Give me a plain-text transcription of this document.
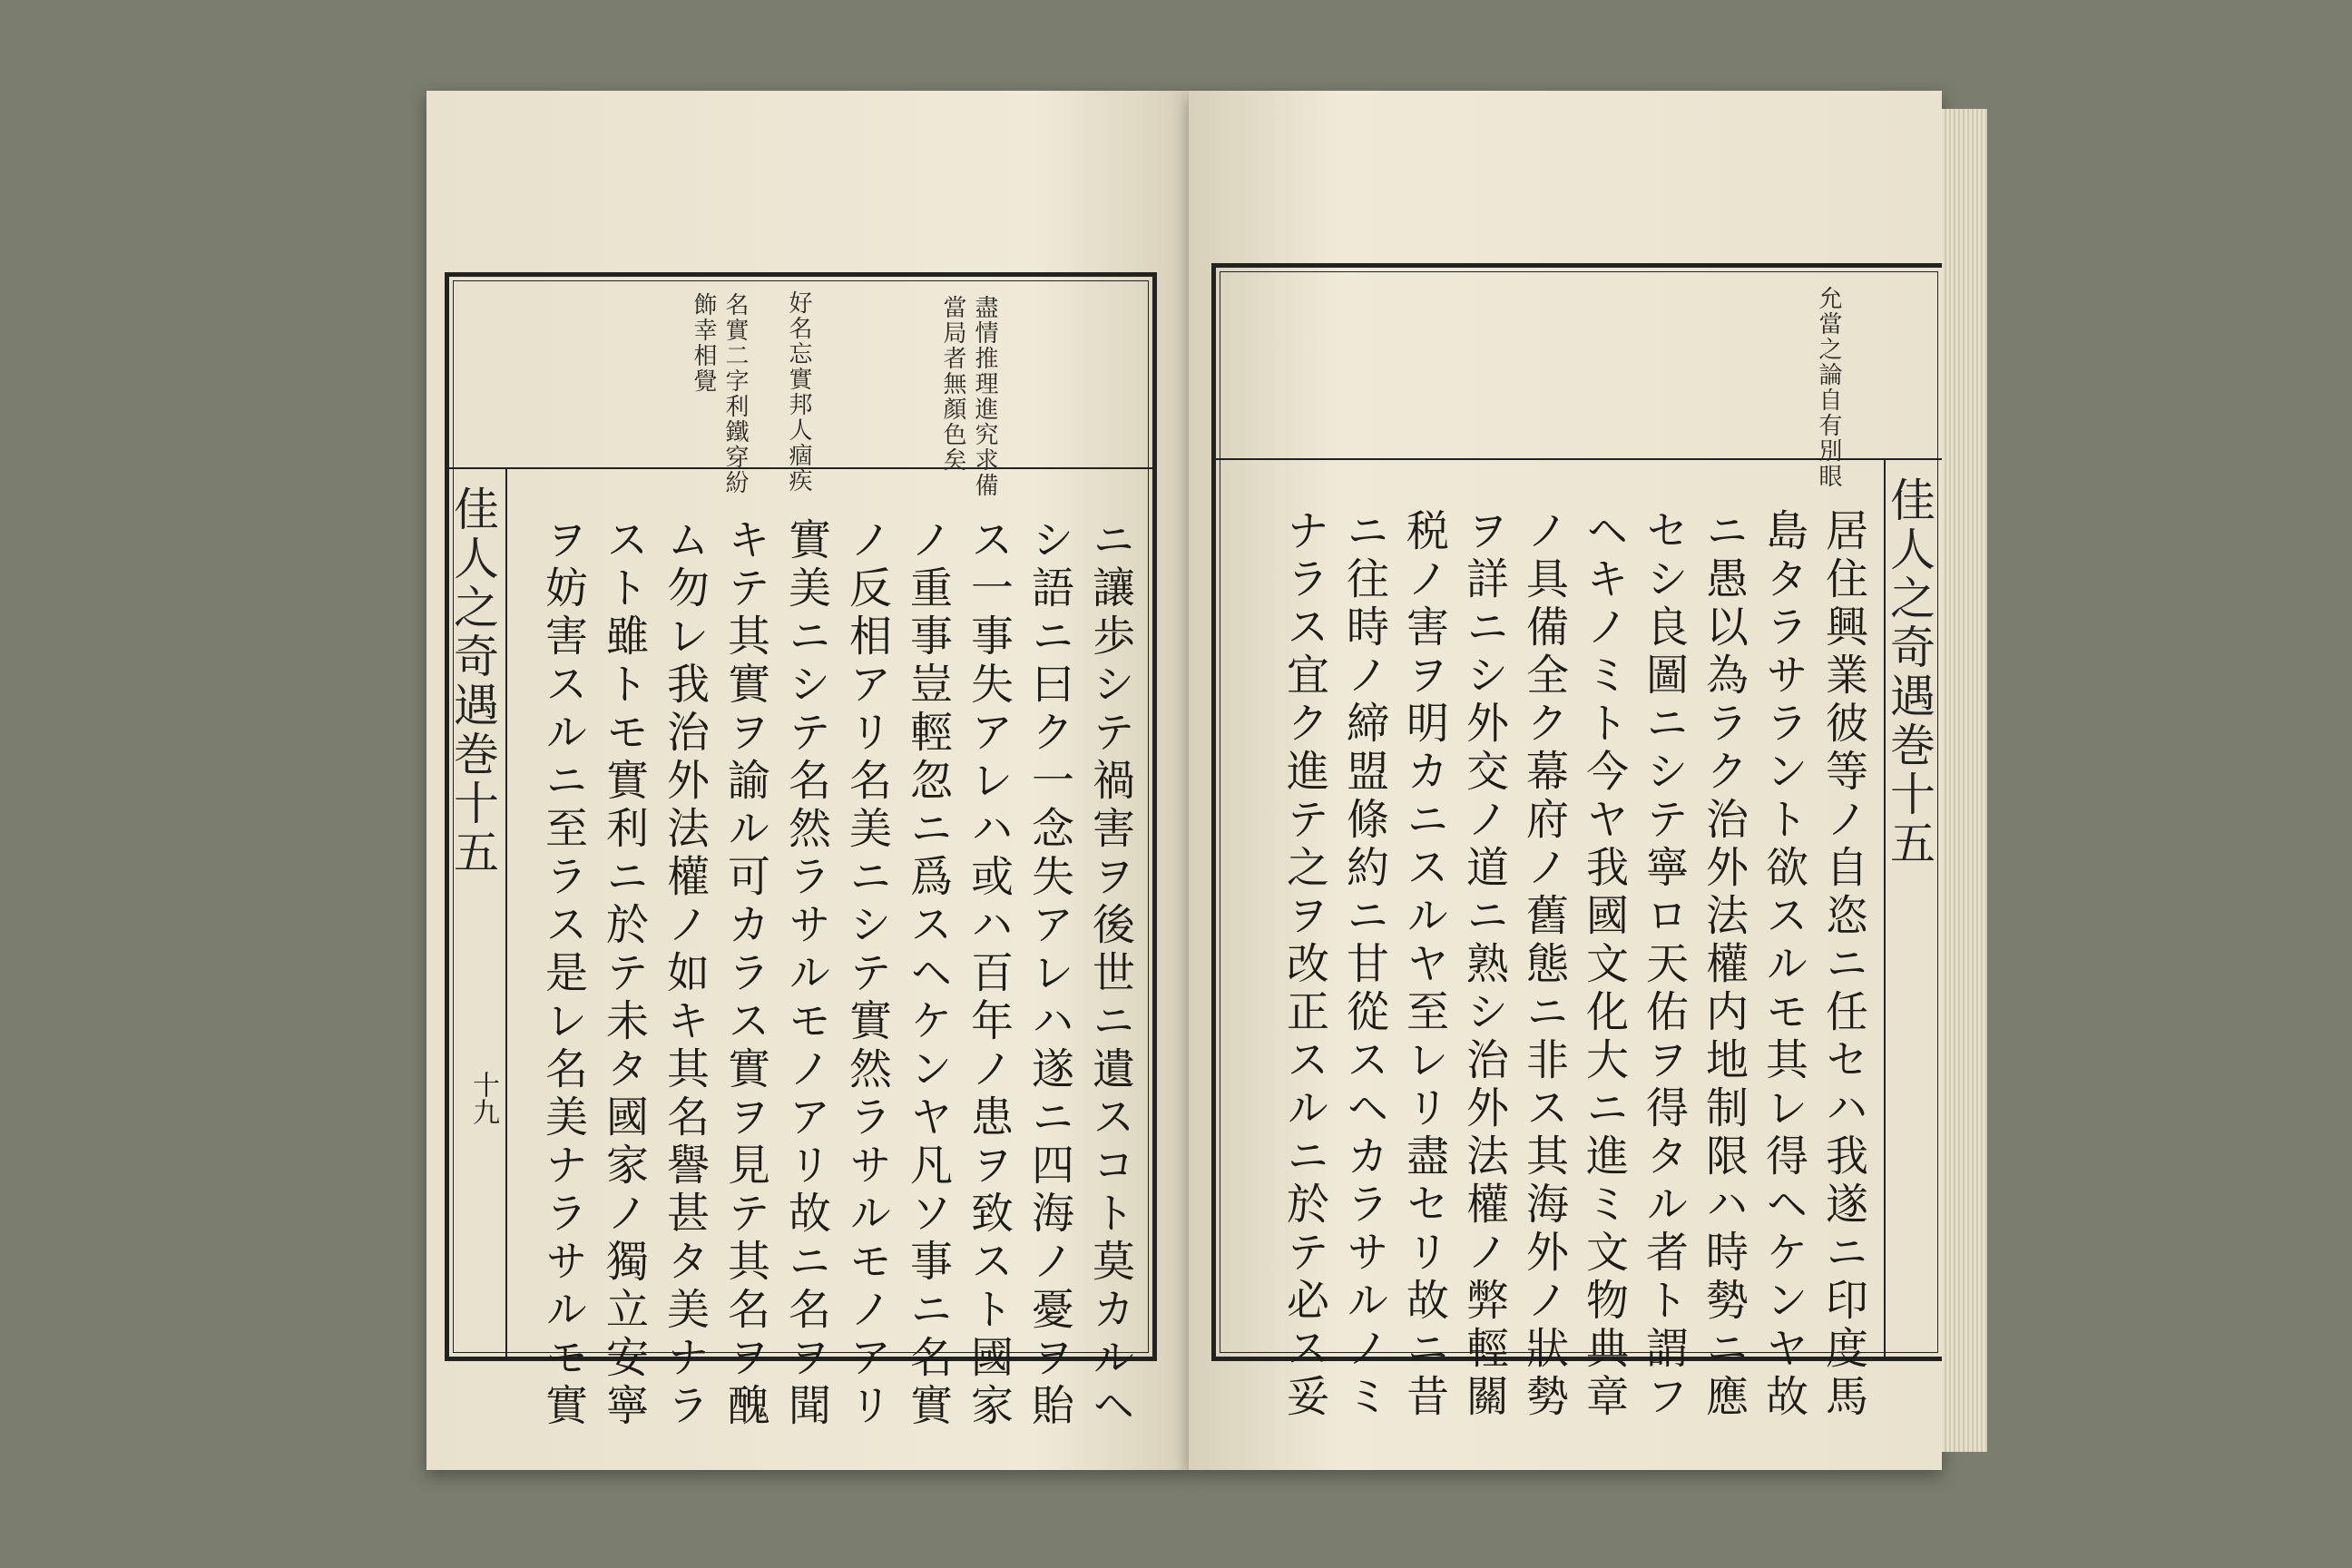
佳人之奇遇巻十五
盡情推理進究求備
當局者無顏色矣
好名忘實邦人痼疾
名實二字利鐵穿紛
飾幸相覺
ニ讓歩シテ禍害ヲ後世ニ遺スコト莫カルヘ
シ語ニ曰ク一念失アレハ遂ニ四海ノ憂ヲ貽
ス一事失アレハ或ハ百年ノ患ヲ致スト國家
ノ重事豈輕忽ニ爲スヘケンヤ凡ソ事ニ名實
ノ反相アリ名美ニシテ實然ラサルモノアリ
實美ニシテ名然ラサルモノアリ故ニ名ヲ聞
キテ其實ヲ諭ル可カラス實ヲ見テ其名ヲ醜
ム勿レ我治外法權ノ如キ其名譽甚タ美ナラ
スト雖トモ實利ニ於テ未タ國家ノ獨立安寧
ヲ妨害スルニ至ラス是レ名美ナラサルモ實
十九
佳人之奇遇巻十五
允當之論自有別眼
居住興業彼等ノ自恣ニ任セハ我遂ニ印度馬
島タラサラント欲スルモ其レ得ヘケンヤ故
ニ愚以為ラク治外法權内地制限ハ時勢ニ應
セシ良圖ニシテ寧ロ天佑ヲ得タル者ト謂フ
ヘキノミト今ヤ我國文化大ニ進ミ文物典章
ノ具備全ク幕府ノ舊態ニ非ス其海外ノ狀勢
ヲ詳ニシ外交ノ道ニ熟シ治外法權ノ弊輕關
税ノ害ヲ明カニスルヤ至レリ盡セリ故ニ昔
ニ往時ノ締盟條約ニ甘從スヘカラサルノミ
ナラス宜ク進テ之ヲ改正スルニ於テ必ス妥
